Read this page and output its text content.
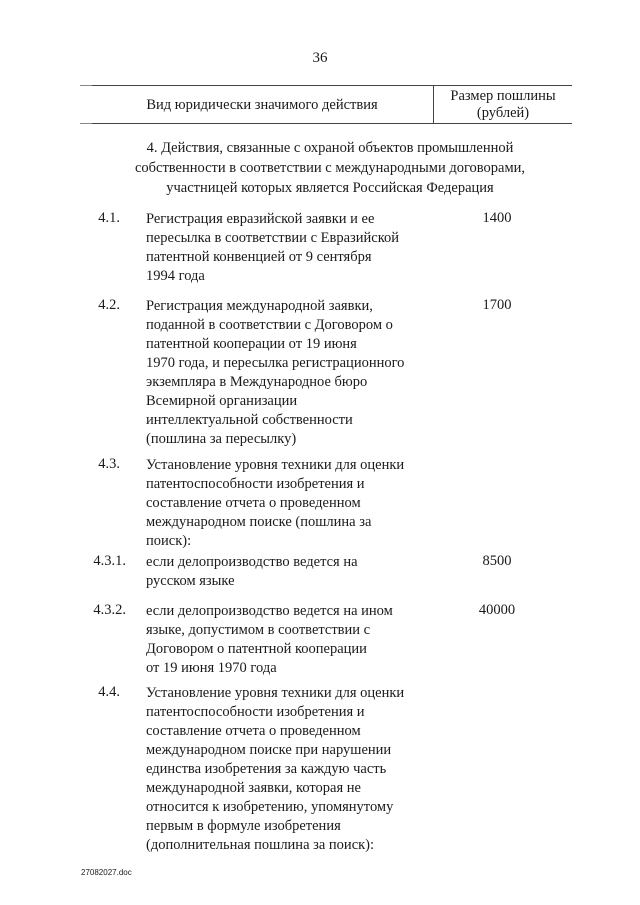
36
Вид юридически значимого действия
Размер пошлины
(рублей)
4. Действия, связанные с охраной объектов промышленной
собственности в соответствии с международными договорами,
участницей которых является Российская Федерация
4.1. Регистрация евразийской заявки и ее
пересылка в соответствии с Евразийской
патентной конвенцией от 9 сентября
1994 года
1400
4.2. Регистрация международной заявки,
поданной в соответствии с Договором о
патентной кооперации от 19 июня
1970 года, и пересылка регистрационного
экземпляра в Международное бюро
Всемирной организации
интеллектуальной собственности
(пошлина за пересылку)
1700
4.3. Установление уровня техники для оценки
патентоспособности изобретения и
составление отчета о проведенном
международном поиске (пошлина за
поиск):
4.3.1. если делопроизводство ведется на
русском языке
8500
4.3.2. если делопроизводство ведется на ином
языке, допустимом в соответствии с
Договором о патентной кооперации
от 19 июня 1970 года
40000
4.4. Установление уровня техники для оценки
патентоспособности изобретения и
составление отчета о проведенном
международном поиске при нарушении
единства изобретения за каждую часть
международной заявки, которая не
относится к изобретению, упомянутому
первым в формуле изобретения
(дополнительная пошлина за поиск):
27082027.doc
